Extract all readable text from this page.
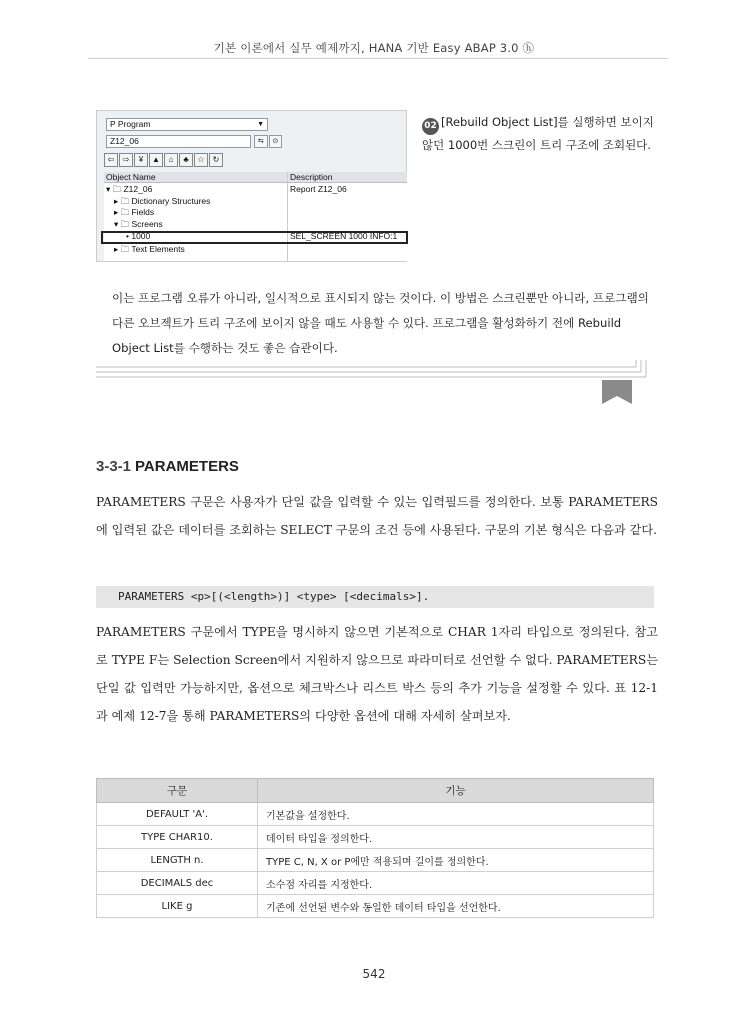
기본 이론에서 실무 예제까지, HANA 기반 Easy ABAP 3.0 ⓗ
P Program	▼
Z12_06	⇆	⊙
⇦	⇨	¥	▲	⌂	♣	☆	↻
Object Name	Description
▾ 🗀 Z12_06	Report Z12_06
▸ 🗀 Dictionary Structures
▸ 🗀 Fields
▾ 🗀 Screens
• 1000	SEL_SCREEN 1000 INFO:1
▸ 🗀 Text Elements
02 [Rebuild Object List]를 실행하면 보이지 않던 1000번 스크린이 트리 구조에 조회된다.
이는 프로그램 오류가 아니라, 일시적으로 표시되지 않는 것이다. 이 방법은 스크린뿐만 아니라, 프로그램의 다른 오브젝트가 트리 구조에 보이지 않을 때도 사용할 수 있다. 프로그램을 활성화하기 전에 Rebuild Object List를 수행하는 것도 좋은 습관이다.
3-3-1 PARAMETERS
PARAMETERS 구문은 사용자가 단일 값을 입력할 수 있는 입력필드를 정의한다. 보통 PARAMETERS에 입력된 값은 데이터를 조회하는 SELECT 구문의 조건 등에 사용된다. 구문의 기본 형식은 다음과 같다.
PARAMETERS <p>[(<length>)] <type> [<decimals>].
PARAMETERS 구문에서 TYPE을 명시하지 않으면 기본적으로 CHAR 1자리 타입으로 정의된다. 참고로 TYPE F는 Selection Screen에서 지원하지 않으므로 파라미터로 선언할 수 없다. PARAMETERS는 단일 값 입력만 가능하지만, 옵션으로 체크박스나 리스트 박스 등의 추가 기능을 설정할 수 있다. 표 12-1과 예제 12-7을 통해 PARAMETERS의 다양한 옵션에 대해 자세히 살펴보자.
구문	기능
DEFAULT 'A'.	기본값을 설정한다.
TYPE CHAR10.	데이터 타입을 정의한다.
LENGTH n.	TYPE C, N, X or P에만 적용되며 길이를 정의한다.
DECIMALS dec	소수점 자리를 지정한다.
LIKE g	기존에 선언된 변수와 동일한 데이터 타입을 선언한다.
542
